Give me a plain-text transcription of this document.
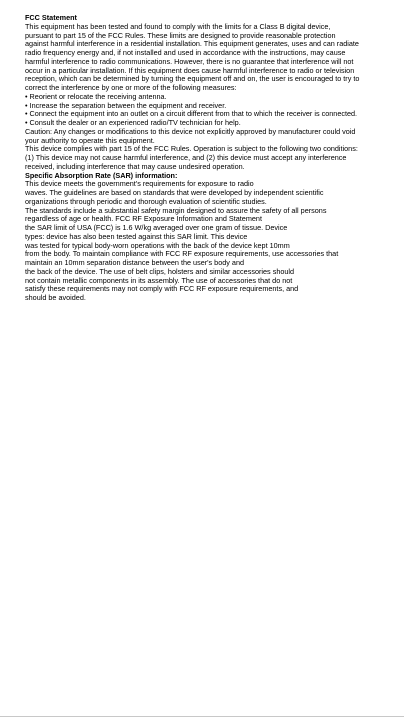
FCC Statement
This equipment has been tested and found to comply with the limits for a Class B digital device,
pursuant to part 15 of the FCC Rules. These limits are designed to provide reasonable protection
against harmful interference in a residential installation. This equipment generates, uses and can radiate
radio frequency energy and, if not installed and used in accordance with the instructions, may cause
harmful interference to radio communications. However, there is no guarantee that interference will not
occur in a particular installation. If this equipment does cause harmful interference to radio or television
reception, which can be determined by turning the equipment off and on, the user is encouraged to try to
correct the interference by one or more of the following measures:
• Reorient or relocate the receiving antenna.
• Increase the separation between the equipment and receiver.
• Connect the equipment into an outlet on a circuit different from that to which the receiver is connected.
• Consult the dealer or an experienced radio/TV technician for help.
Caution: Any changes or modifications to this device not explicitly approved by manufacturer could void
your authority to operate this equipment.
This device complies with part 15 of the FCC Rules. Operation is subject to the following two conditions:
(1) This device may not cause harmful interference, and (2) this device must accept any interference
received, including interference that may cause undesired operation.
Specific Absorption Rate (SAR) information:
This device meets the government's requirements for exposure to radio
waves. The guidelines are based on standards that were developed by independent scientific
organizations through periodic and thorough evaluation of scientific studies.
The standards include a substantial safety margin designed to assure the safety of all persons
regardless of age or health. FCC RF Exposure Information and Statement
the SAR limit of USA (FCC) is 1.6 W/kg averaged over one gram of tissue. Device
types: device has also been tested against this SAR limit. This device
was tested for typical body-worn operations with the back of the device kept 10mm
from the body. To maintain compliance with FCC RF exposure requirements, use accessories that
maintain an 10mm separation distance between the user's body and
the back of the device. The use of belt clips, holsters and similar accessories should
not contain metallic components in its assembly. The use of accessories that do not
satisfy these requirements may not comply with FCC RF exposure requirements, and
should be avoided.
